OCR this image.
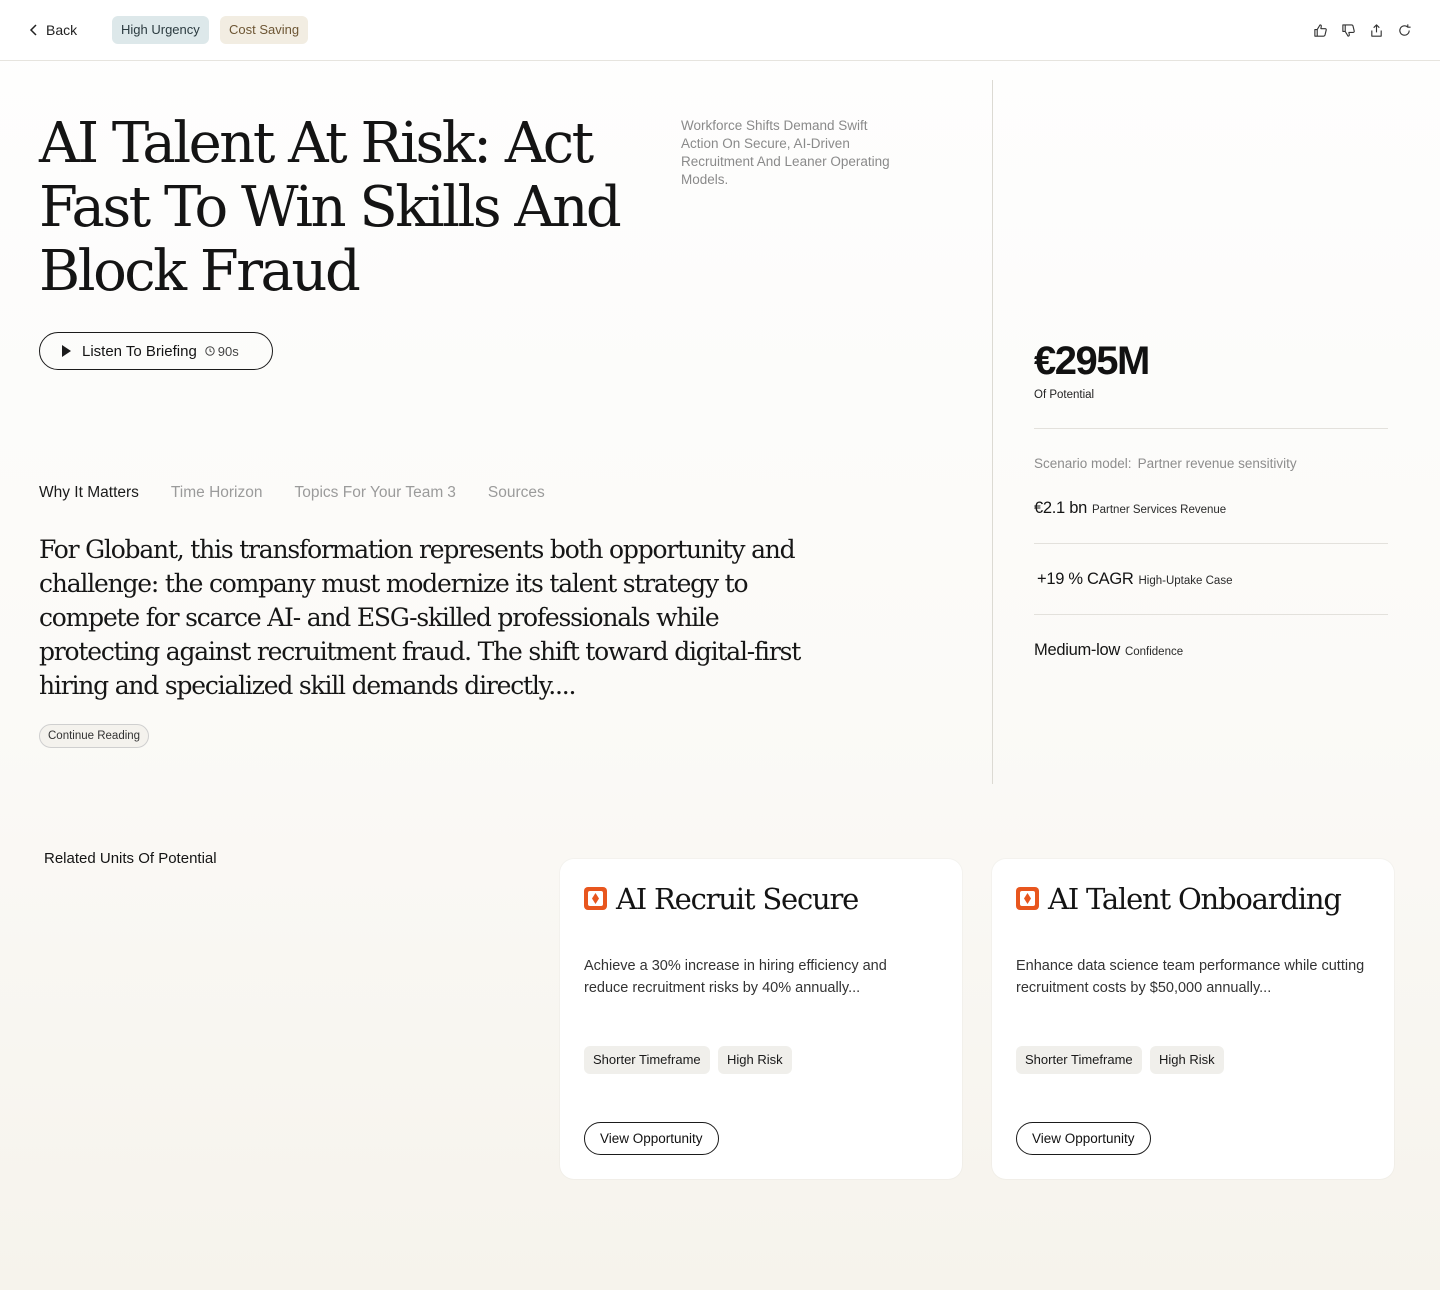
Back	High Urgency	Cost Saving
AI Talent At Risk: Act Fast To Win Skills And Block Fraud
Workforce Shifts Demand Swift Action On Secure, AI-Driven Recruitment And Leaner Operating Models.
Listen To Briefing 90s
Why It Matters Time Horizon Topics For Your Team 3 Sources

For Globant, this transformation represents both opportunity and challenge: the company must modernize its talent strategy to compete for scarce AI- and ESG-skilled professionals while protecting against recruitment fraud. The shift toward digital-first hiring and specialized skill demands directly....

Continue Reading
€295M
Of Potential
Scenario model: Partner revenue sensitivity
€2.1 bn Partner Services Revenue
+19 % CAGR High-Uptake Case
Medium-low Confidence
Related Units Of Potential
AI Recruit Secure
Achieve a 30% increase in hiring efficiency and reduce recruitment risks by 40% annually...
Shorter Timeframe	High Risk
View Opportunity
AI Talent Onboarding
Enhance data science team performance while cutting recruitment costs by $50,000 annually...
Shorter Timeframe	High Risk
View Opportunity
